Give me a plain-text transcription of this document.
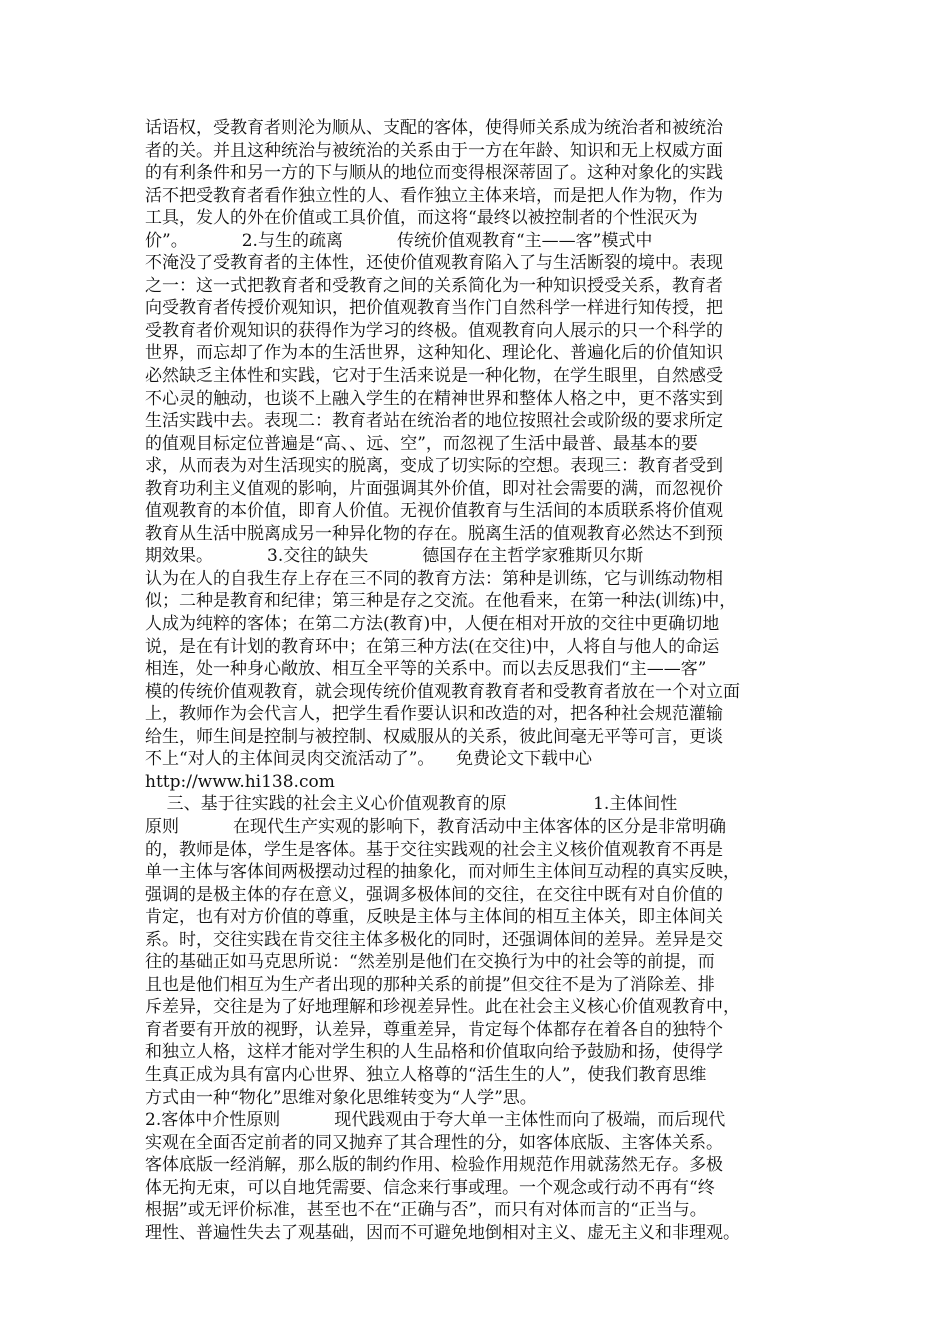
话语权，受教育者则沦为顺从、支配的客体，使得师关系成为统治者和被统治
者的关。并且这种统治与被统治的关系由于一方在年龄、知识和无上权威方面
的有利条件和另一方的下与顺从的地位而变得根深蒂固了。这种对象化的实践
活不把受教育者看作独立性的人、看作独立主体来培，而是把人作为物，作为
工具，发人的外在价值或工具价值，而这将“最终以被控制者的个性泯灭为
价”。          2.与生的疏离          传统价值观教育“主——客”模式中
不淹没了受教育者的主体性，还使价值观教育陷入了与生活断裂的境中。表现
之一：这一式把教育者和受教育之间的关系简化为一种知识授受关系，教育者
向受教育者传授价观知识，把价值观教育当作门自然科学一样进行知传授，把
受教育者价观知识的获得作为学习的终极。值观教育向人展示的只一个科学的
世界，而忘却了作为本的生活世界，这种知化、理论化、普遍化后的价值知识
必然缺乏主体性和实践，它对于生活来说是一种化物，在学生眼里，自然感受
不心灵的触动，也谈不上融入学生的在精神世界和整体人格之中，更不落实到
生活实践中去。表现二：教育者站在统治者的地位按照社会或阶级的要求所定
的值观目标定位普遍是“高、、远、空”，而忽视了生活中最普、最基本的要
求，从而表为对生活现实的脱离，变成了切实际的空想。表现三：教育者受到
教育功利主义值观的影响，片面强调其外价值，即对社会需要的满，而忽视价
值观教育的本价值，即育人价值。无视价值教育与生活间的本质联系将价值观
教育从生活中脱离成另一种异化物的存在。脱离生活的值观教育必然达不到预
期效果。          3.交往的缺失          德国存在主哲学家雅斯贝尔斯
认为在人的自我生存上存在三不同的教育方法：第种是训练，它与训练动物相
似；二种是教育和纪律；第三种是存之交流。在他看来，在第一种法(训练)中，
人成为纯粹的客体；在第二方法(教育)中，人便在相对开放的交往中更确切地
说，是在有计划的教育环中；在第三种方法(在交往)中，人将自与他人的命运
相连，处一种身心敞放、相互全平等的关系中。而以去反思我们“主——客”
模的传统价值观教育，就会现传统价值观教育教育者和受教育者放在一个对立面
上，教师作为会代言人，把学生看作要认识和改造的对，把各种社会规范灌输
给生，师生间是控制与被控制、权威服从的关系，彼此间毫无平等可言，更谈
不上“对人的主体间灵肉交流活动了”。    免费论文下载中心
http://www.hi138.com
三、基于往实践的社会主义心价值观教育的原                1.主体间性
原则          在现代生产实观的影响下，教育活动中主体客体的区分是非常明确
的，教师是体，学生是客体。基于交往实践观的社会主义核价值观教育不再是
单一主体与客体间两极摆动过程的抽象化，而对师生主体间互动程的真实反映，
强调的是极主体的存在意义，强调多极体间的交往，在交往中既有对自价值的
肯定，也有对方价值的尊重，反映是主体与主体间的相互主体关，即主体间关
系。时，交往实践在肯交往主体多极化的同时，还强调体间的差异。差异是交
往的基础正如马克思所说：“然差别是他们在交换行为中的社会等的前提，而
且也是他们相互为生产者出现的那种关系的前提”但交往不是为了消除差、排
斥差异，交往是为了好地理解和珍视差异性。此在社会主义核心价值观教育中，
育者要有开放的视野，认差异，尊重差异，肯定每个体都存在着各自的独特个
和独立人格，这样才能对学生积的人生品格和价值取向给予鼓励和扬，使得学
生真正成为具有富内心世界、独立人格尊的“活生生的人”，使我们教育思维
方式由一种“物化”思维对象化思维转变为“人学”思。
2.客体中介性原则          现代践观由于夸大单一主体性而向了极端，而后现代
实观在全面否定前者的同又抛弃了其合理性的分，如客体底版、主客体关系。
客体底版一经消解，那么版的制约作用、检验作用规范作用就荡然无存。多极
体无拘无束，可以自地凭需要、信念来行事或理。一个观念或行动不再有“终
根据”或无评价标准，甚至也不在“正确与否”，而只有对体而言的“正当与。
理性、普遍性失去了观基础，因而不可避免地倒相对主义、虚无主义和非理观。
